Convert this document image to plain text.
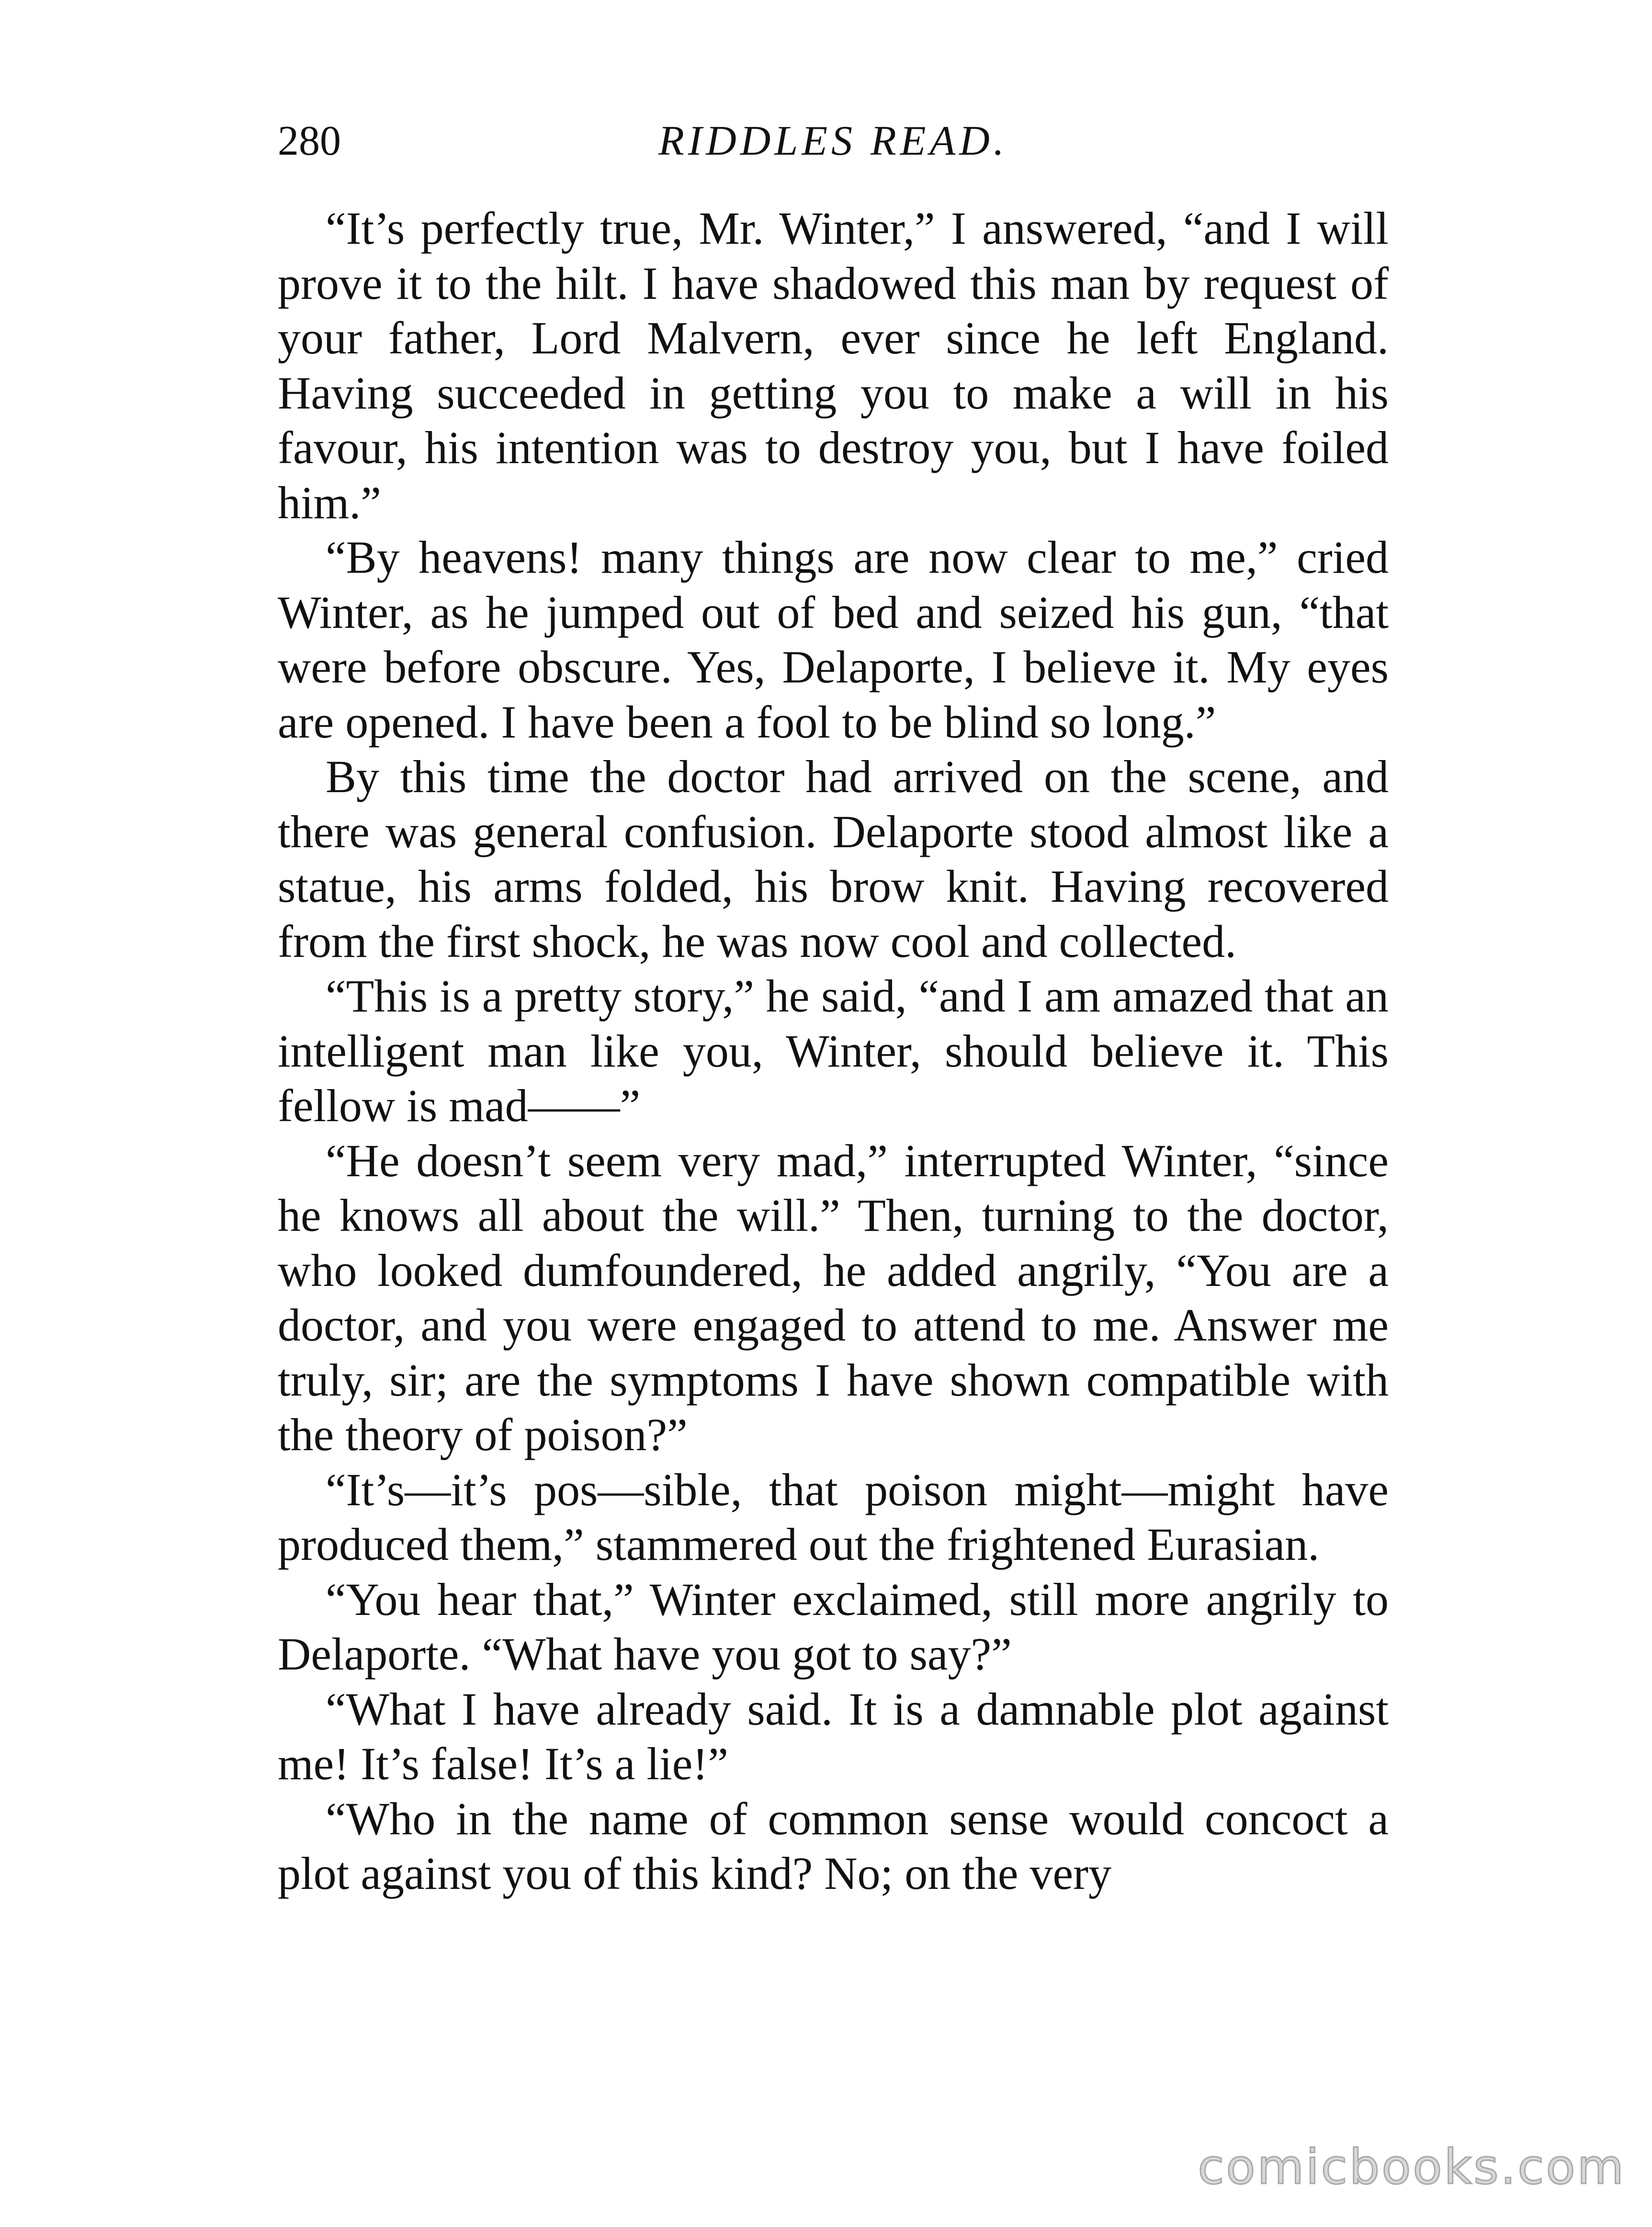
280	RIDDLES READ.

“It’s perfectly true, Mr. Winter,” I answered, “and I will prove it to the hilt. I have shadowed this man by request of your father, Lord Malvern, ever since he left England. Having succeeded in getting you to make a will in his favour, his intention was to destroy you, but I have foiled him.”

“By heavens! many things are now clear to me,” cried Winter, as he jumped out of bed and seized his gun, “that were before obscure. Yes, Delaporte, I believe it. My eyes are opened. I have been a fool to be blind so long.”

By this time the doctor had arrived on the scene, and there was general confusion. Delaporte stood almost like a statue, his arms folded, his brow knit. Having recovered from the first shock, he was now cool and collected.

“This is a pretty story,” he said, “and I am amazed that an intelligent man like you, Winter, should believe it. This fellow is mad——”

“He doesn’t seem very mad,” interrupted Winter, “since he knows all about the will.” Then, turning to the doctor, who looked dumfoundered, he added angrily, “You are a doctor, and you were engaged to attend to me. Answer me truly, sir; are the symptoms I have shown compatible with the theory of poison?”

“It’s—it’s pos—sible, that poison might—might have produced them,” stammered out the frightened Eurasian.

“You hear that,” Winter exclaimed, still more angrily to Delaporte. “What have you got to say?”

“What I have already said. It is a damnable plot against me! It’s false! It’s a lie!”

“Who in the name of common sense would concoct a plot against you of this kind? No; on the very

comicbooks.com
